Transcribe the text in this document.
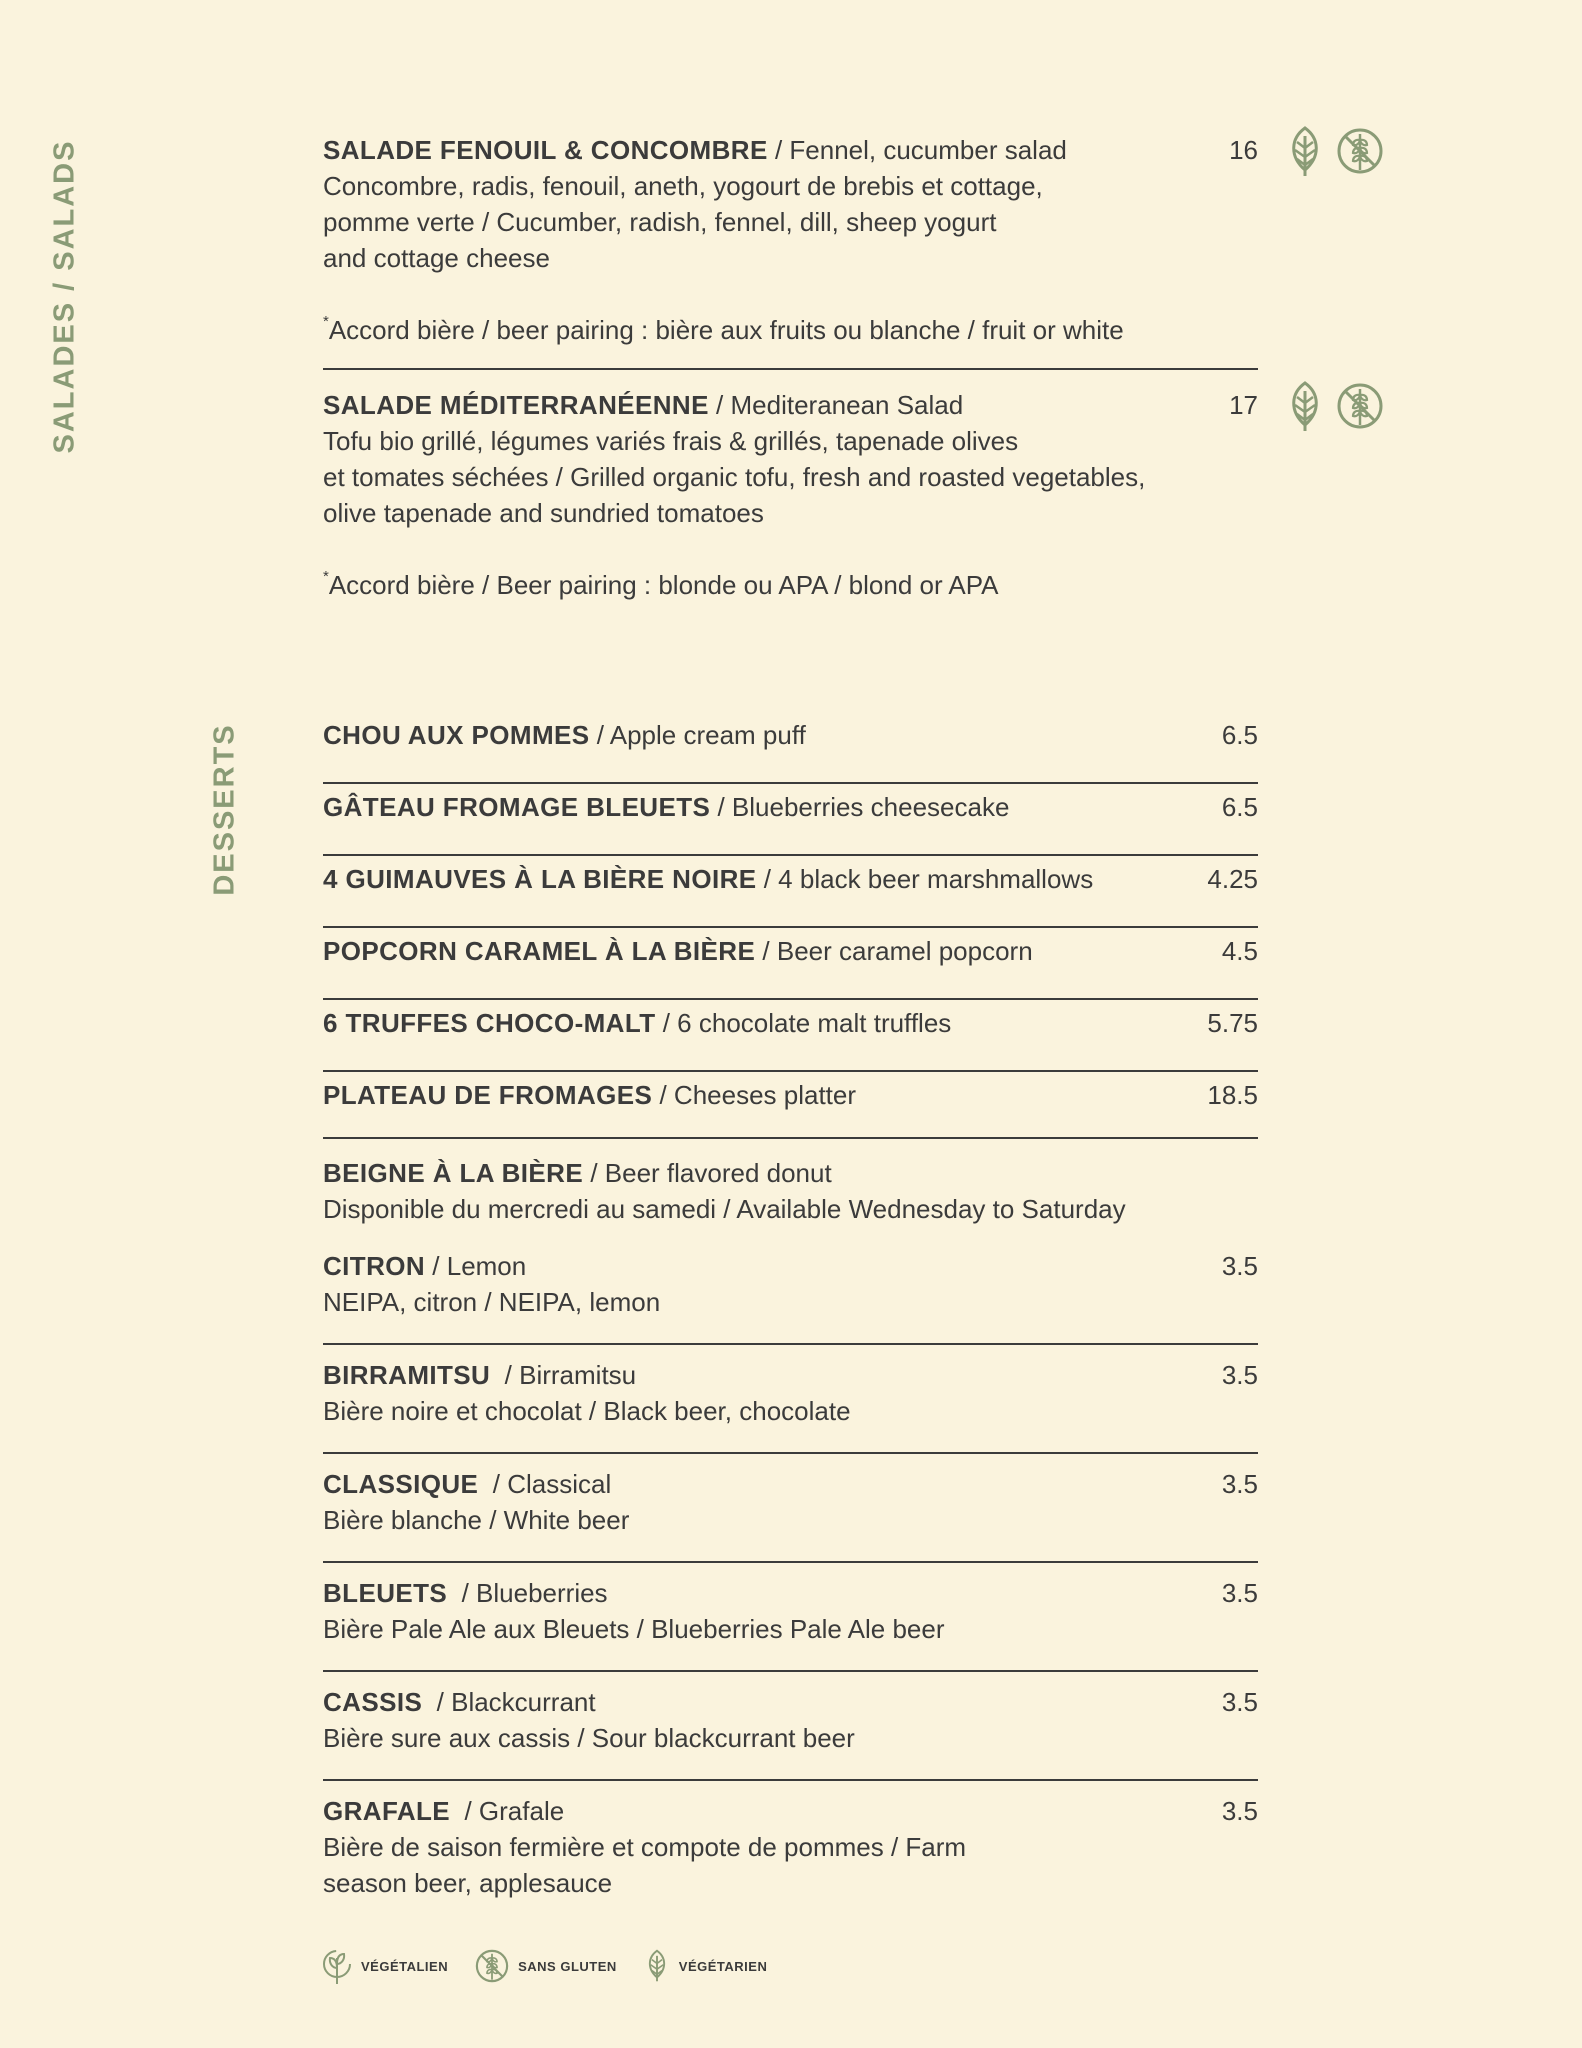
SALADES / SALADS
DESSERTS
SALADE FENOUIL & CONCOMBRE / Fennel, cucumber salad
Concombre, radis, fenouil, aneth, yogourt de brebis et cottage,
pomme verte / Cucumber, radish, fennel, dill, sheep yogurt
and cottage cheese
*Accord bière / beer pairing : bière aux fruits ou blanche / fruit or white
16
SALADE MÉDITERRANÉENNE / Mediteranean Salad
Tofu bio grillé, légumes variés frais & grillés, tapenade olives
et tomates séchées / Grilled organic tofu, fresh and roasted vegetables,
olive tapenade and sundried tomatoes
*Accord bière / Beer pairing : blonde ou APA / blond or APA
17
CHOU AUX POMMES / Apple cream puff	6.5
GÂTEAU FROMAGE BLEUETS / Blueberries cheesecake	6.5
4 GUIMAUVES À LA BIÈRE NOIRE / 4 black beer marshmallows	4.25
POPCORN CARAMEL À LA BIÈRE / Beer caramel popcorn	4.5
6 TRUFFES CHOCO-MALT / 6 chocolate malt truffles	5.75
PLATEAU DE FROMAGES / Cheeses platter	18.5
BEIGNE À LA BIÈRE / Beer flavored donut
Disponible du mercredi au samedi / Available Wednesday to Saturday
CITRON / Lemon
NEIPA, citron / NEIPA, lemon
3.5
BIRRAMITSU  / Birramitsu
Bière noire et chocolat / Black beer, chocolate
3.5
CLASSIQUE  / Classical
Bière blanche / White beer
3.5
BLEUETS  / Blueberries
Bière Pale Ale aux Bleuets / Blueberries Pale Ale beer
3.5
CASSIS  / Blackcurrant
Bière sure aux cassis / Sour blackcurrant beer
3.5
GRAFALE  / Grafale
Bière de saison fermière et compote de pommes / Farm
season beer, applesauce
3.5
VÉGÉTALIEN	SANS GLUTEN	VÉGÉTARIEN
